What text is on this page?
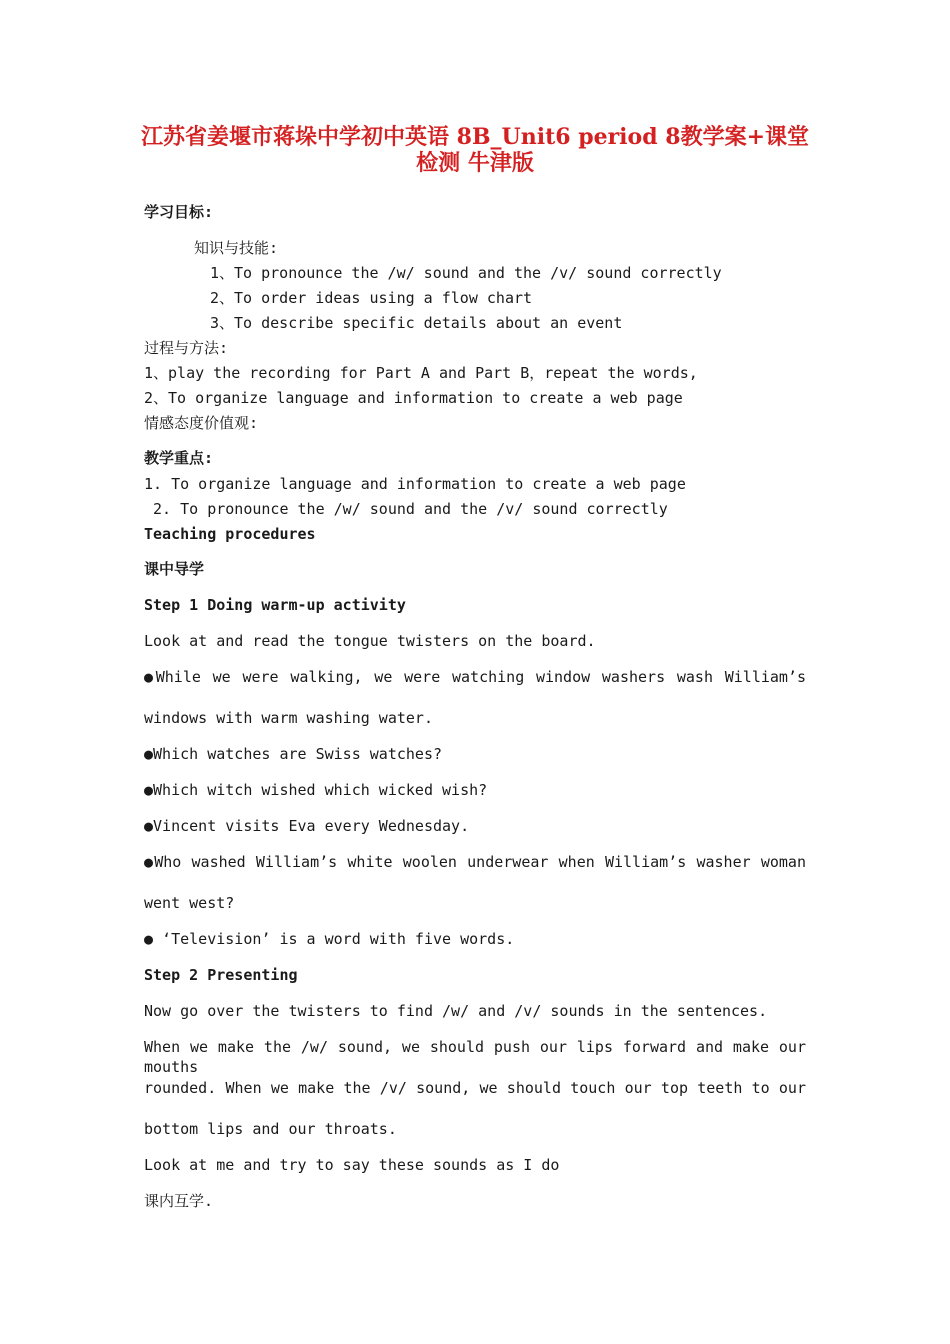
江苏省姜堰市蒋垛中学初中英语 8B_Unit6 period 8教学案+课堂
检测 牛津版
学习目标:
知识与技能:
1、To pronounce the /w/ sound and the /v/ sound correctly
2、To order ideas using a flow chart
3、To describe specific details about an event
过程与方法:
1、play the recording for Part A and Part B，repeat the words,
2、To organize language and information to create a web page
情感态度价值观:
教学重点:
1. To organize language and information to create a web page
2. To pronounce the /w/ sound and the /v/ sound correctly
Teaching procedures
课中导学
Step 1 Doing warm-up activity
Look at and read the tongue twisters on the board.
●While we were walking, we were watching window washers wash William’s
windows with warm washing water.
●Which watches are Swiss watches?
●Which witch wished which wicked wish?
●Vincent visits Eva every Wednesday.
●Who washed William’s white woolen underwear when William’s washer woman
went west?
● ‘Television’ is a word with five words.
Step 2 Presenting
Now go over the twisters to find /w/ and /v/ sounds in the sentences.
When we make the /w/ sound, we should push our lips forward and make our mouths
rounded. When we make the /v/ sound, we should touch our top teeth to our
bottom lips and our throats.
Look at me and try to say these sounds as I do
课内互学.
